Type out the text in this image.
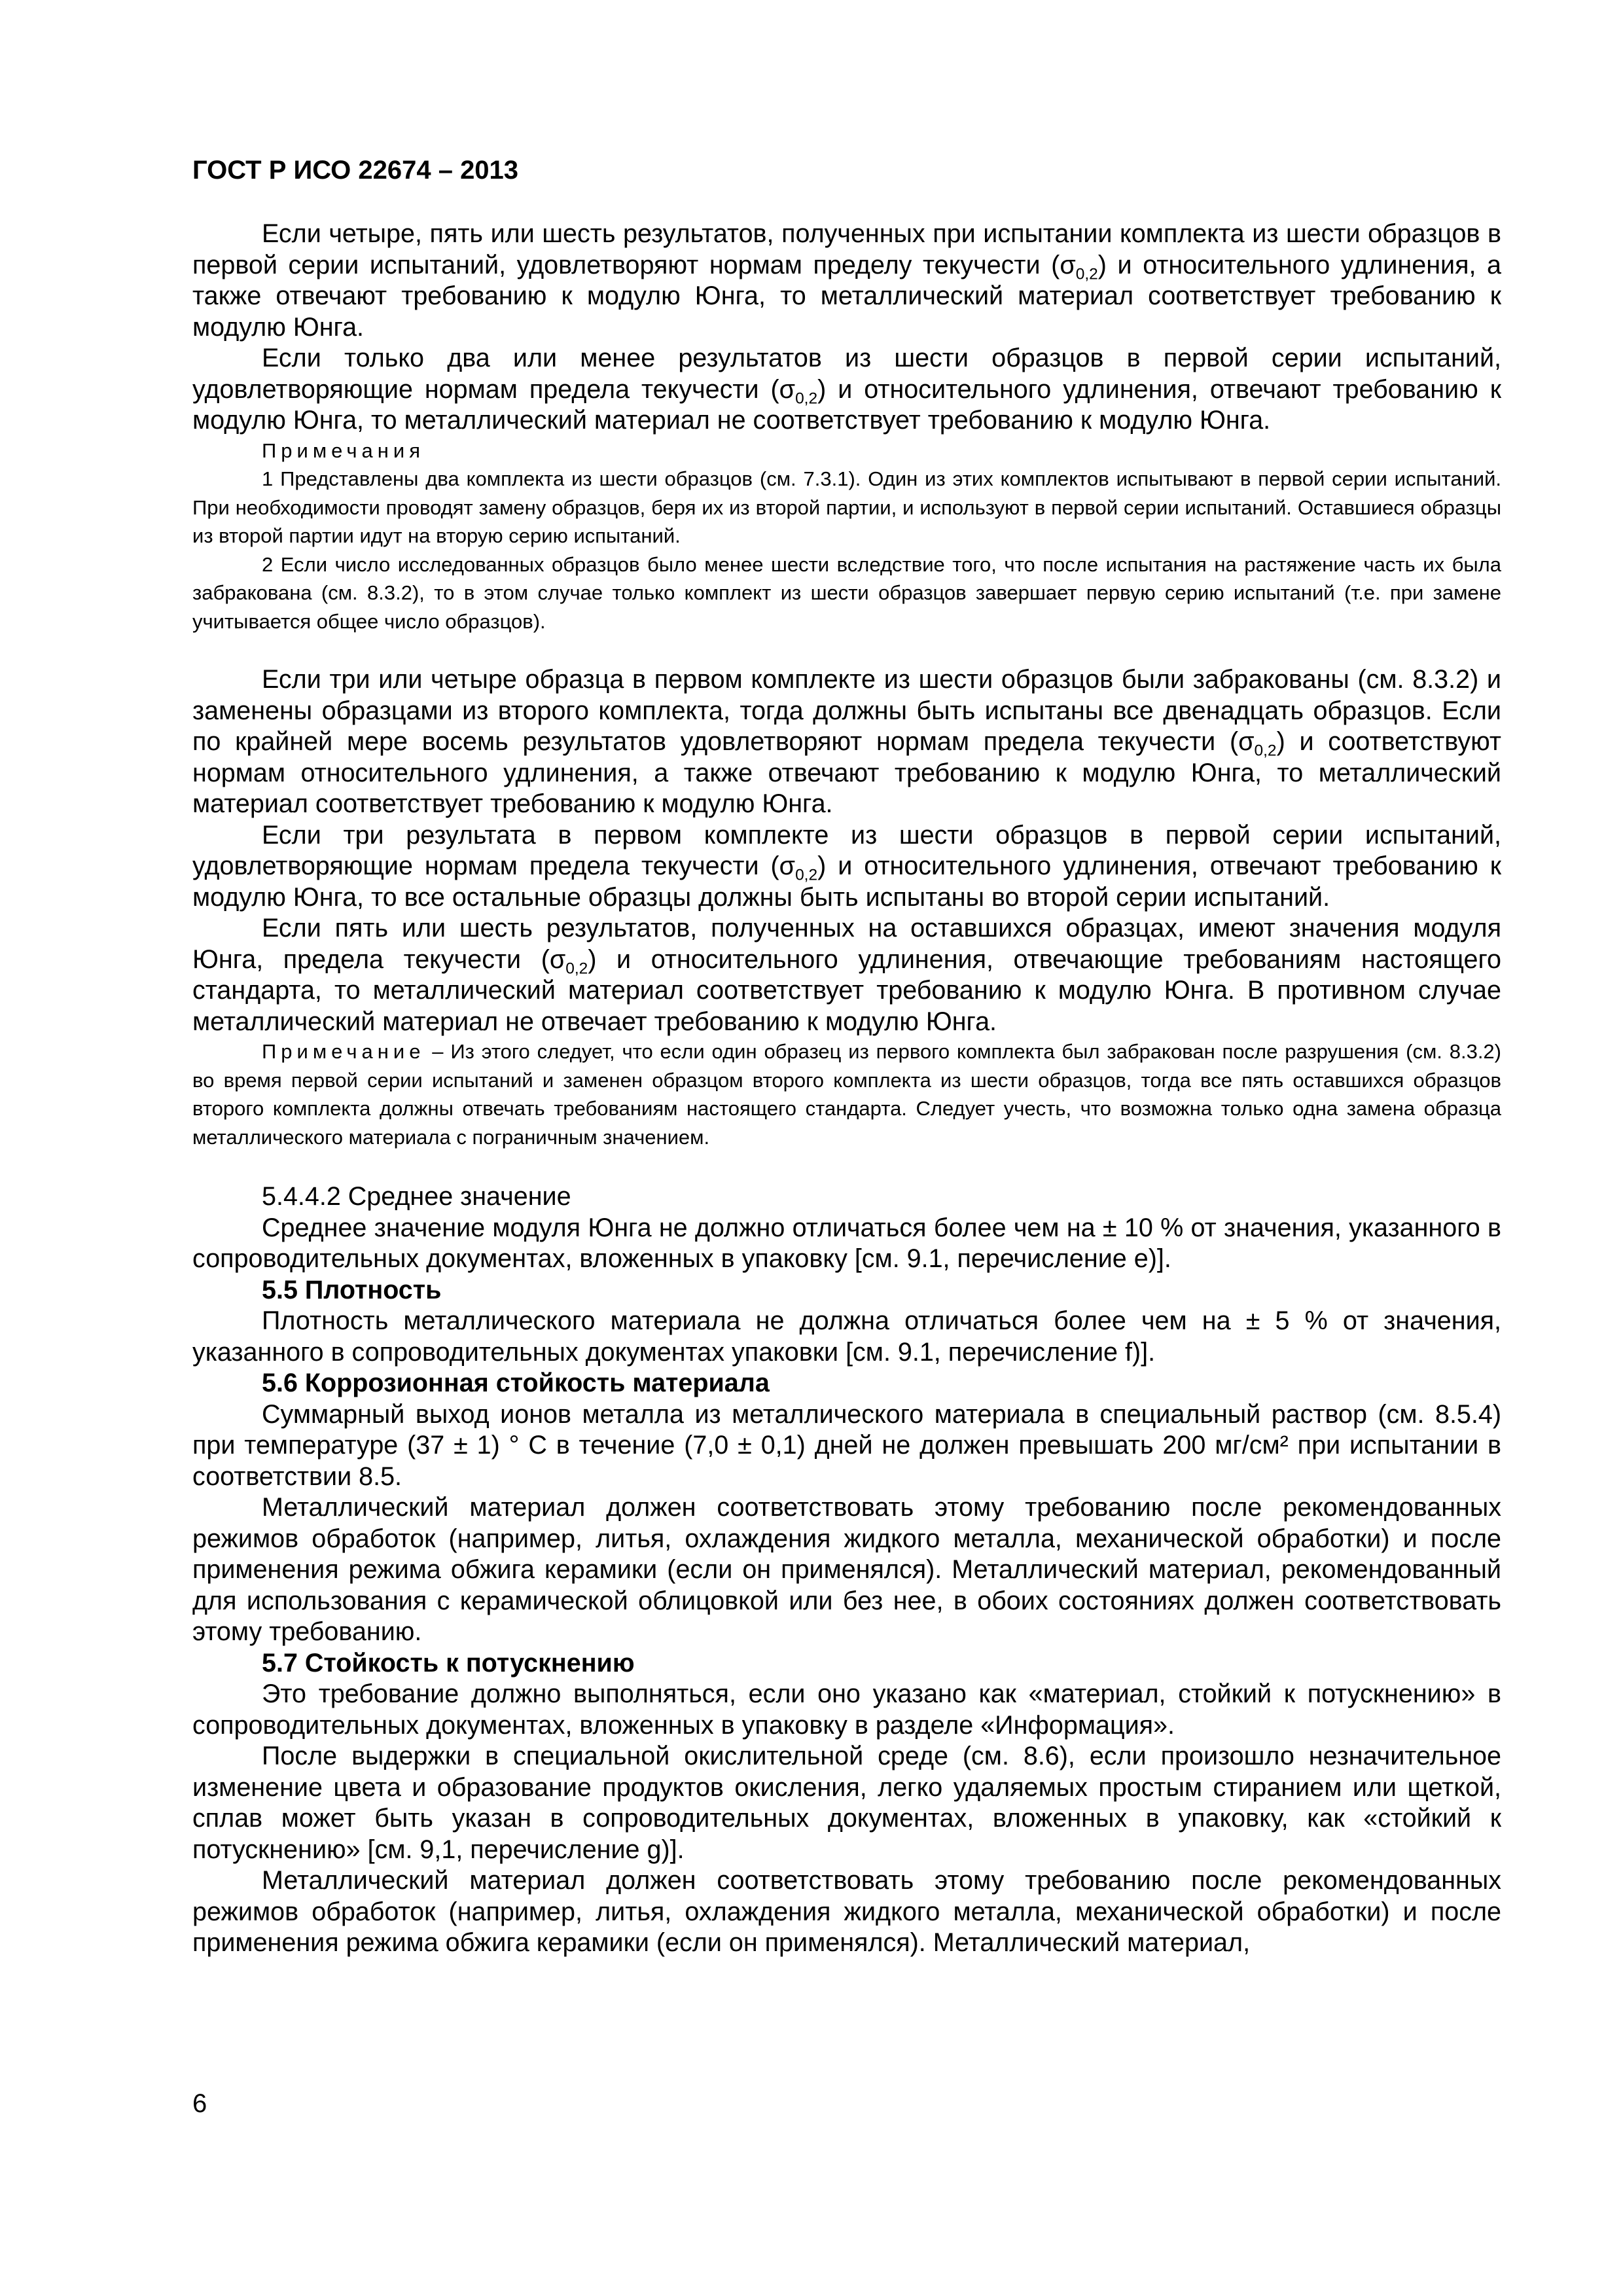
ГОСТ Р ИСО 22674 – 2013

Если четыре, пять или шесть результатов, полученных при испытании комплекта из шести образцов в первой серии испытаний, удовлетворяют нормам пределу текучести $(\sigma_{0,2})$ и относительного удлинения, а также отвечают требованию к модулю Юнга, то металлический материал соответствует требованию к модулю Юнга.

Если только два или менее результатов из шести образцов в первой серии испытаний, удовлетворяющие нормам предела текучести $(\sigma_{0,2})$ и относительного удлинения, отвечают требованию к модулю Юнга, то металлический материал не соответствует требованию к модулю Юнга.

Примечания

1 Представлены два комплекта из шести образцов (см. 7.3.1). Один из этих комплектов испытывают в первой серии испытаний. При необходимости проводят замену образцов, беря их из второй партии, и используют в первой серии испытаний. Оставшиеся образцы из второй партии идут на вторую серию испытаний.

2 Если число исследованных образцов было менее шести вследствие того, что после испытания на растяжение часть их была забракована (см. 8.3.2), то в этом случае только комплект из шести образцов завершает первую серию испытаний (т.е. при замене учитывается общее число образцов).

Если три или четыре образца в первом комплекте из шести образцов были забракованы (см. 8.3.2) и заменены образцами из второго комплекта, тогда должны быть испытаны все двенадцать образцов. Если по крайней мере восемь результатов удовлетворяют нормам предела текучести $(\sigma_{0,2})$ и соответствуют нормам относительного удлинения, а также отвечают требованию к модулю Юнга, то металлический материал соответствует требованию к модулю Юнга.

Если три результата в первом комплекте из шести образцов в первой серии испытаний, удовлетворяющие нормам предела текучести $(\sigma_{0,2})$ и относительного удлинения, отвечают требованию к модулю Юнга, то все остальные образцы должны быть испытаны во второй серии испытаний.

Если пять или шесть результатов, полученных на оставшихся образцах, имеют значения модуля Юнга, предела текучести $(\sigma_{0,2})$ и относительного удлинения, отвечающие требованиям настоящего стандарта, то металлический материал соответствует требованию к модулю Юнга. В противном случае металлический материал не отвечает требованию к модулю Юнга.

Примечание – Из этого следует, что если один образец из первого комплекта был забракован после разрушения (см. 8.3.2) во время первой серии испытаний и заменен образцом второго комплекта из шести образцов, тогда все пять оставшихся образцов второго комплекта должны отвечать требованиям настоящего стандарта. Следует учесть, что возможна только одна замена образца металлического материала с пограничным значением.

5.4.4.2 Среднее значение

Среднее значение модуля Юнга не должно отличаться более чем на ± 10 % от значения, указанного в сопроводительных документах, вложенных в упаковку [см. 9.1, перечисление е)].

5.5 Плотность

Плотность металлического материала не должна отличаться более чем на ± 5 % от значения, указанного в сопроводительных документах упаковки [см. 9.1, перечисление f)].

5.6 Коррозионная стойкость материала

Суммарный выход ионов металла из металлического материала в специальный раствор (см. 8.5.4) при температуре (37 ± 1) ° С в течение (7,0 ± 0,1) дней не должен превышать 200 мг/см² при испытании в соответствии 8.5.

Металлический материал должен соответствовать этому требованию после рекомендованных режимов обработок (например, литья, охлаждения жидкого металла, механической обработки) и после применения режима обжига керамики (если он применялся). Металлический материал, рекомендованный для использования с керамической облицовкой или без нее, в обоих состояниях должен соответствовать этому требованию.

5.7 Стойкость к потускнению

Это требование должно выполняться, если оно указано как «материал, стойкий к потускнению» в сопроводительных документах, вложенных в упаковку в разделе «Информация».

После выдержки в специальной окислительной среде (см. 8.6), если произошло незначительное изменение цвета и образование продуктов окисления, легко удаляемых простым стиранием или щеткой, сплав может быть указан в сопроводительных документах, вложенных в упаковку, как «стойкий к потускнению» [см. 9,1, перечисление g)].

Металлический материал должен соответствовать этому требованию после рекомендованных режимов обработок (например, литья, охлаждения жидкого металла, механической обработки) и после применения режима обжига керамики (если он применялся). Металлический материал,

6
